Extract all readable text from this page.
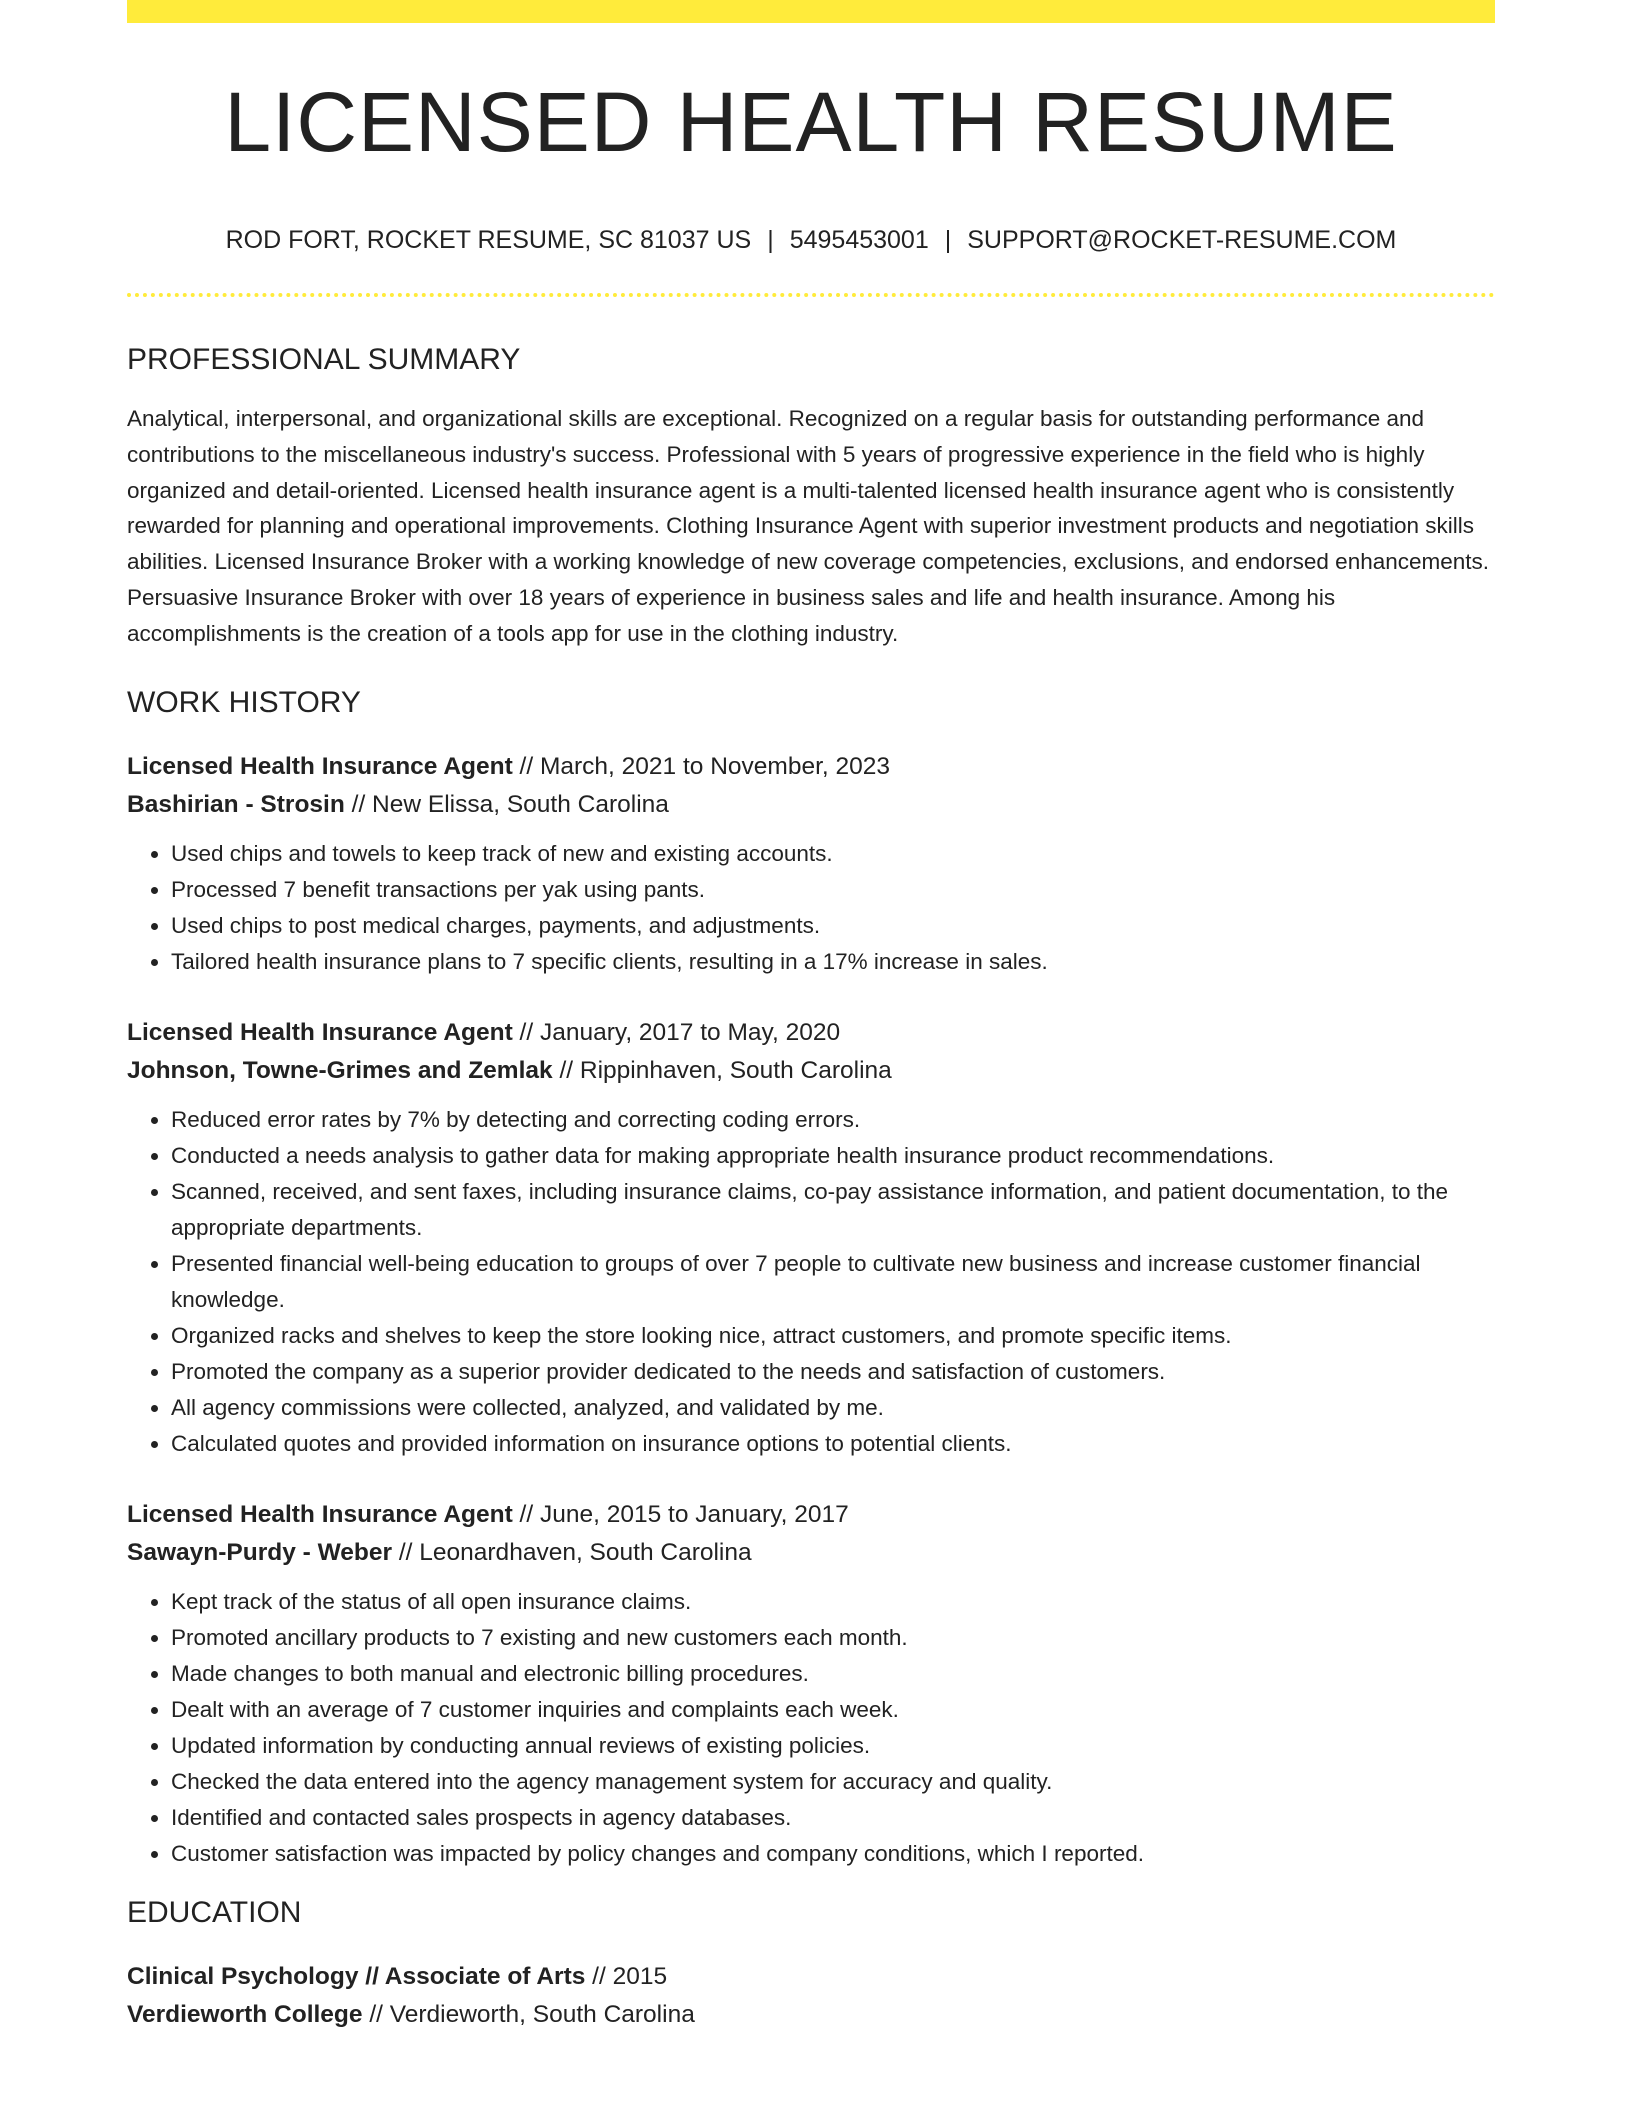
LICENSED HEALTH RESUME
ROD FORT, ROCKET RESUME, SC 81037 US | 5495453001 | SUPPORT@ROCKET-RESUME.COM
PROFESSIONAL SUMMARY
Analytical, interpersonal, and organizational skills are exceptional. Recognized on a regular basis for outstanding performance and contributions to the miscellaneous industry's success. Professional with 5 years of progressive experience in the field who is highly organized and detail-oriented. Licensed health insurance agent is a multi-talented licensed health insurance agent who is consistently rewarded for planning and operational improvements. Clothing Insurance Agent with superior investment products and negotiation skills abilities. Licensed Insurance Broker with a working knowledge of new coverage competencies, exclusions, and endorsed enhancements. Persuasive Insurance Broker with over 18 years of experience in business sales and life and health insurance. Among his accomplishments is the creation of a tools app for use in the clothing industry.
WORK HISTORY
Licensed Health Insurance Agent // March, 2021 to November, 2023
Bashirian - Strosin // New Elissa, South Carolina
• Used chips and towels to keep track of new and existing accounts.
• Processed 7 benefit transactions per yak using pants.
• Used chips to post medical charges, payments, and adjustments.
• Tailored health insurance plans to 7 specific clients, resulting in a 17% increase in sales.
Licensed Health Insurance Agent // January, 2017 to May, 2020
Johnson, Towne-Grimes and Zemlak // Rippinhaven, South Carolina
• Reduced error rates by 7% by detecting and correcting coding errors.
• Conducted a needs analysis to gather data for making appropriate health insurance product recommendations.
• Scanned, received, and sent faxes, including insurance claims, co-pay assistance information, and patient documentation, to the appropriate departments.
• Presented financial well-being education to groups of over 7 people to cultivate new business and increase customer financial knowledge.
• Organized racks and shelves to keep the store looking nice, attract customers, and promote specific items.
• Promoted the company as a superior provider dedicated to the needs and satisfaction of customers.
• All agency commissions were collected, analyzed, and validated by me.
• Calculated quotes and provided information on insurance options to potential clients.
Licensed Health Insurance Agent // June, 2015 to January, 2017
Sawayn-Purdy - Weber // Leonardhaven, South Carolina
• Kept track of the status of all open insurance claims.
• Promoted ancillary products to 7 existing and new customers each month.
• Made changes to both manual and electronic billing procedures.
• Dealt with an average of 7 customer inquiries and complaints each week.
• Updated information by conducting annual reviews of existing policies.
• Checked the data entered into the agency management system for accuracy and quality.
• Identified and contacted sales prospects in agency databases.
• Customer satisfaction was impacted by policy changes and company conditions, which I reported.
EDUCATION
Clinical Psychology // Associate of Arts // 2015
Verdieworth College // Verdieworth, South Carolina
